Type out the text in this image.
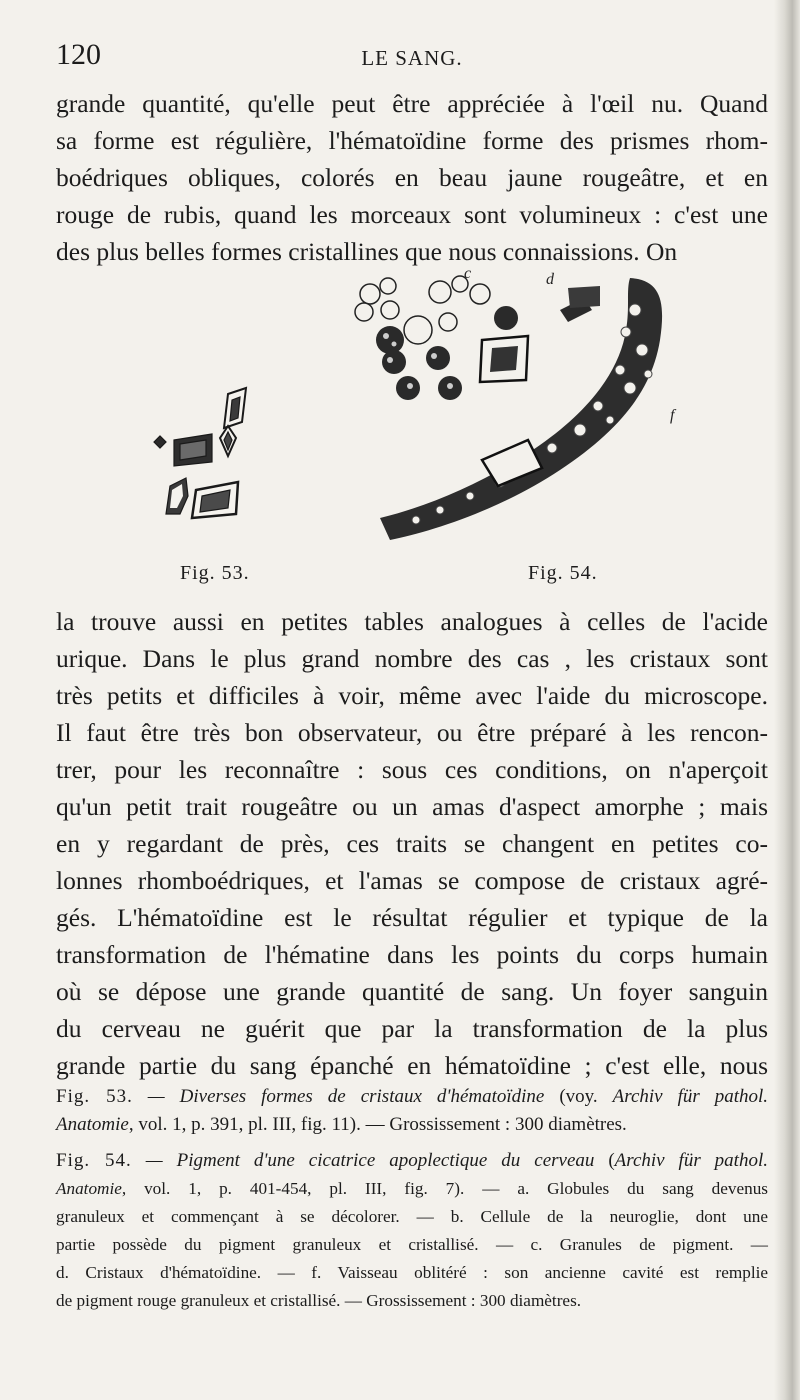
120	LE SANG.

grande quantité, qu'elle peut être appréciée à l'œil nu. Quand
sa forme est régulière, l'hématoïdine forme des prismes rhom-
boédriques obliques, colorés en beau jaune rougeâtre, et en
rouge de rubis, quand les morceaux sont volumineux : c'est une
des plus belles formes cristallines que nous connaissions. On

c	d
f
Fig. 53.	Fig. 54.

la trouve aussi en petites tables analogues à celles de l'acide
urique. Dans le plus grand nombre des cas , les cristaux sont
très petits et difficiles à voir, même avec l'aide du microscope.
Il faut être très bon observateur, ou être préparé à les rencon-
trer, pour les reconnaître : sous ces conditions, on n'aperçoit
qu'un petit trait rougeâtre ou un amas d'aspect amorphe ; mais
en y regardant de près, ces traits se changent en petites co-
lonnes rhomboédriques, et l'amas se compose de cristaux agré-
gés. L'hématoïdine est le résultat régulier et typique de la
transformation de l'hématine dans les points du corps humain
où se dépose une grande quantité de sang. Un foyer sanguin
du cerveau ne guérit que par la transformation de la plus
grande partie du sang épanché en hématoïdine ; c'est elle, nous

Fig. 53. — Diverses formes de cristaux d'hématoïdine (voy. Archiv für pathol.
Anatomie, vol. 1, p. 391, pl. III, fig. 11). — Grossissement : 300 diamètres.
Fig. 54. — Pigment d'une cicatrice apoplectique du cerveau (Archiv für pathol.
Anatomie, vol. 1, p. 401-454, pl. III, fig. 7). — a. Globules du sang devenus
granuleux et commençant à se décolorer. — b. Cellule de la neuroglie, dont une
partie possède du pigment granuleux et cristallisé. — c. Granules de pigment. —
d. Cristaux d'hématoïdine. — f. Vaisseau oblitéré : son ancienne cavité est remplie
de pigment rouge granuleux et cristallisé. — Grossissement : 300 diamètres.
